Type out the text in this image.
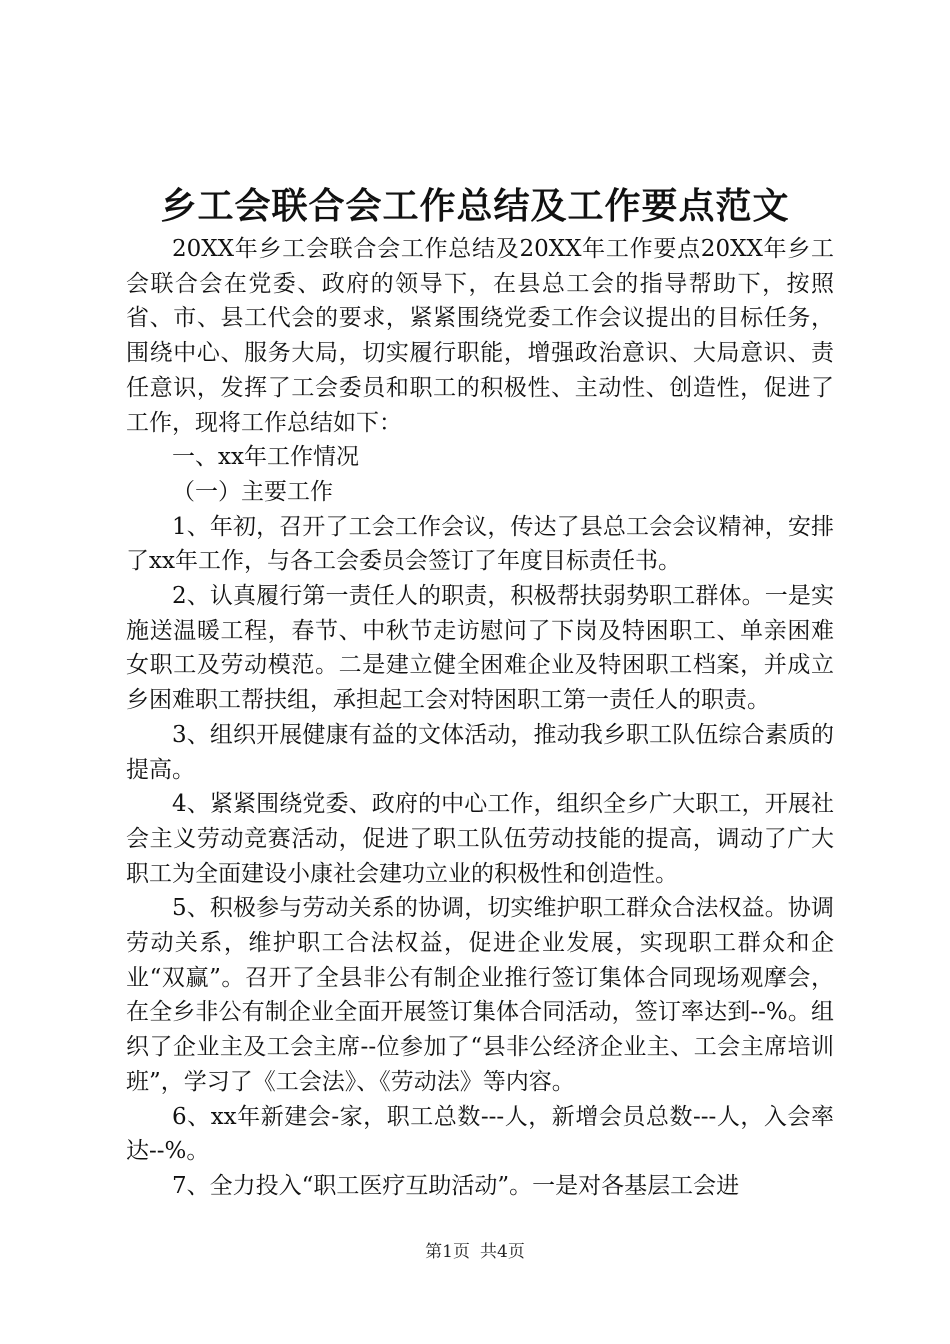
乡工会联合会工作总结及工作要点范文

20XX年乡工会联合会工作总结及20XX年工作要点20XX年乡工会联合会在党委、政府的领导下，在县总工会的指导帮助下，按照省、市、县工代会的要求，紧紧围绕党委工作会议提出的目标任务，围绕中心、服务大局，切实履行职能，增强政治意识、大局意识、责任意识，发挥了工会委员和职工的积极性、主动性、创造性，促进了工作，现将工作总结如下：

一、xx年工作情况

（一）主要工作

1、年初，召开了工会工作会议，传达了县总工会会议精神，安排了xx年工作，与各工会委员会签订了年度目标责任书。

2、认真履行第一责任人的职责，积极帮扶弱势职工群体。一是实施送温暖工程，春节、中秋节走访慰问了下岗及特困职工、单亲困难女职工及劳动模范。二是建立健全困难企业及特困职工档案，并成立乡困难职工帮扶组，承担起工会对特困职工第一责任人的职责。

3、组织开展健康有益的文体活动，推动我乡职工队伍综合素质的提高。

4、紧紧围绕党委、政府的中心工作，组织全乡广大职工，开展社会主义劳动竞赛活动，促进了职工队伍劳动技能的提高，调动了广大职工为全面建设小康社会建功立业的积极性和创造性。

5、积极参与劳动关系的协调，切实维护职工群众合法权益。协调劳动关系，维护职工合法权益，促进企业发展，实现职工群众和企业“双赢”。召开了全县非公有制企业推行签订集体合同现场观摩会，在全乡非公有制企业全面开展签订集体合同活动，签订率达到--%。组织了企业主及工会主席--位参加了“县非公经济企业主、工会主席培训班”，学习了《工会法》、《劳动法》等内容。

6、xx年新建会-家，职工总数---人，新增会员总数---人，入会率达--%。

7、全力投入“职工医疗互助活动”。一是对各基层工会进

第1页 共4页
